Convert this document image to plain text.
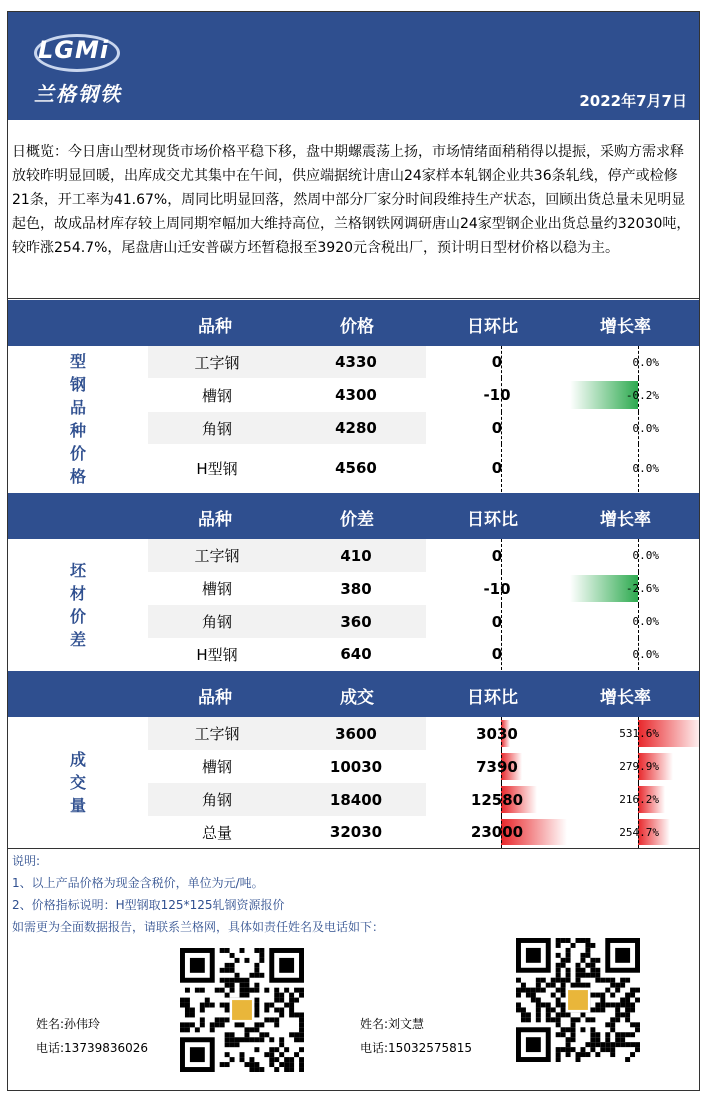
LGMi
兰格钢铁	2022年7月7日
日概览：今日唐山型材现货市场价格平稳下移，盘中期螺震荡上扬，市场情绪面稍稍得以提振，采购方需求释放较昨明显回暖，出库成交尤其集中在午间，供应端据统计唐山24家样本轧钢企业共36条轧线，停产或检修21条，开工率为41.67%，周同比明显回落，然周中部分厂家分时间段维持生产状态，回顾出货总量未见明显起色，故成品材库存较上周同期窄幅加大维持高位，兰格钢铁网调研唐山24家型钢企业出货总量约32030吨，较昨涨254.7%，尾盘唐山迁安普碳方坯暂稳报至3920元含税出厂，预计明日型材价格以稳为主。
品种	价格	日环比	增长率
型
钢
品
种
价
格
工字钢	4330	0	0.0%
槽钢	4300	-10	-0.2%
角钢	4280	0	0.0%
H型钢	4560	0	0.0%
品种	价差	日环比	增长率
坯
材
价
差
工字钢	410	0	0.0%
槽钢	380	-10	-2.6%
角钢	360	0	0.0%
H型钢	640	0	0.0%
品种	成交	日环比	增长率
成
交
量
工字钢	3600	3030	531.6%
槽钢	10030	7390	279.9%
角钢	18400	12580	216.2%
总量	32030	23000	254.7%
说明:
1、以上产品价格为现金含税价，单位为元/吨。
2、价格指标说明：H型钢取125*125轧钢资源报价
如需更为全面数据报告，请联系兰格网，具体如责任姓名及电话如下：
姓名:孙伟玲
电话:13739836026
姓名:刘文慧
电话:15032575815
